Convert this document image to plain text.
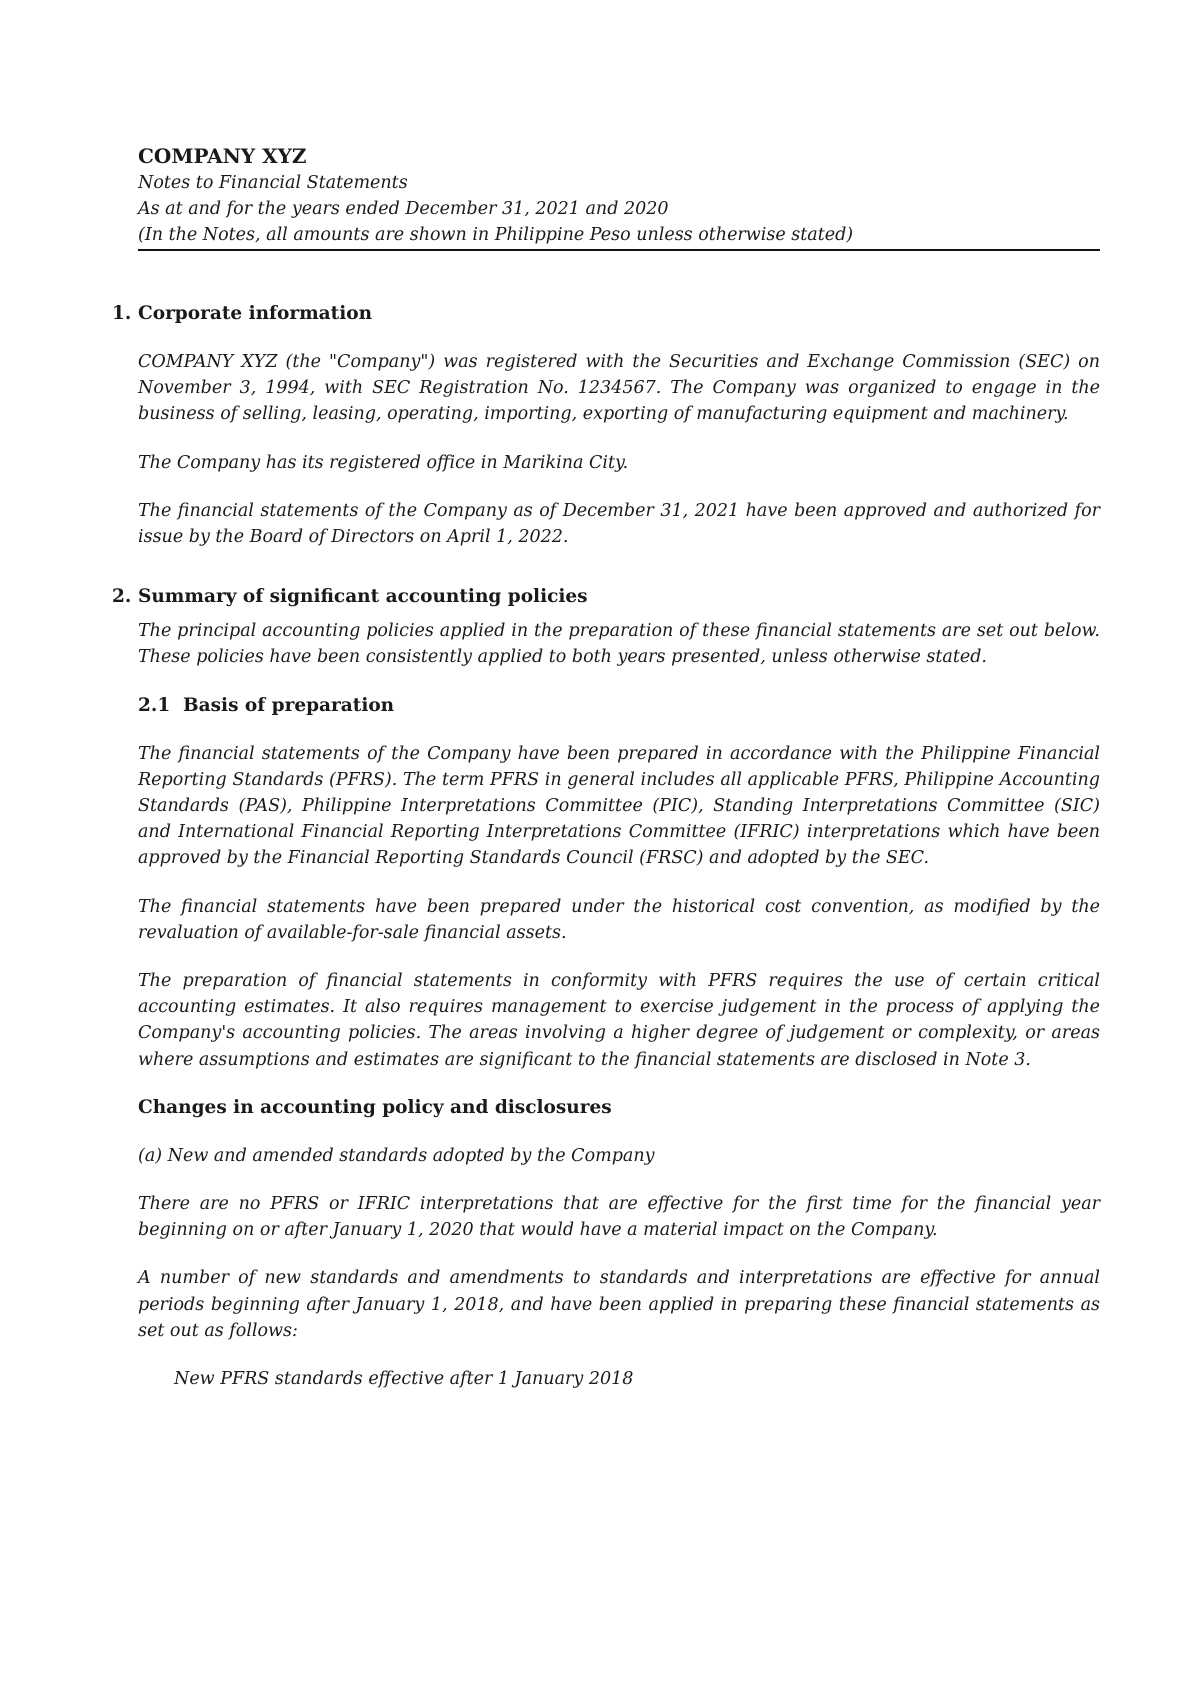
COMPANY XYZ

Notes to Financial Statements

As at and for the years ended December 31, 2021 and 2020

(In the Notes, all amounts are shown in Philippine Peso unless otherwise stated)

1. Corporate information

COMPANY XYZ (the "Company") was registered with the Securities and Exchange Commission (SEC) on November 3, 1994, with SEC Registration No. 1234567. The Company was organized to engage in the business of selling, leasing, operating, importing, exporting of manufacturing equipment and machinery.

The Company has its registered office in Marikina City.

The financial statements of the Company as of December 31, 2021 have been approved and authorized for issue by the Board of Directors on April 1, 2022.

2. Summary of significant accounting policies

The principal accounting policies applied in the preparation of these financial statements are set out below. These policies have been consistently applied to both years presented, unless otherwise stated.

2.1 Basis of preparation

The financial statements of the Company have been prepared in accordance with the Philippine Financial Reporting Standards (PFRS). The term PFRS in general includes all applicable PFRS, Philippine Accounting Standards (PAS), Philippine Interpretations Committee (PIC), Standing Interpretations Committee (SIC) and International Financial Reporting Interpretations Committee (IFRIC) interpretations which have been approved by the Financial Reporting Standards Council (FRSC) and adopted by the SEC.

The financial statements have been prepared under the historical cost convention, as modified by the revaluation of available-for-sale financial assets.

The preparation of financial statements in conformity with PFRS requires the use of certain critical accounting estimates. It also requires management to exercise judgement in the process of applying the Company's accounting policies. The areas involving a higher degree of judgement or complexity, or areas where assumptions and estimates are significant to the financial statements are disclosed in Note 3.

Changes in accounting policy and disclosures

(a) New and amended standards adopted by the Company

There are no PFRS or IFRIC interpretations that are effective for the first time for the financial year beginning on or after January 1, 2020 that would have a material impact on the Company.

A number of new standards and amendments to standards and interpretations are effective for annual periods beginning after January 1, 2018, and have been applied in preparing these financial statements as set out as follows:

New PFRS standards effective after 1 January 2018
